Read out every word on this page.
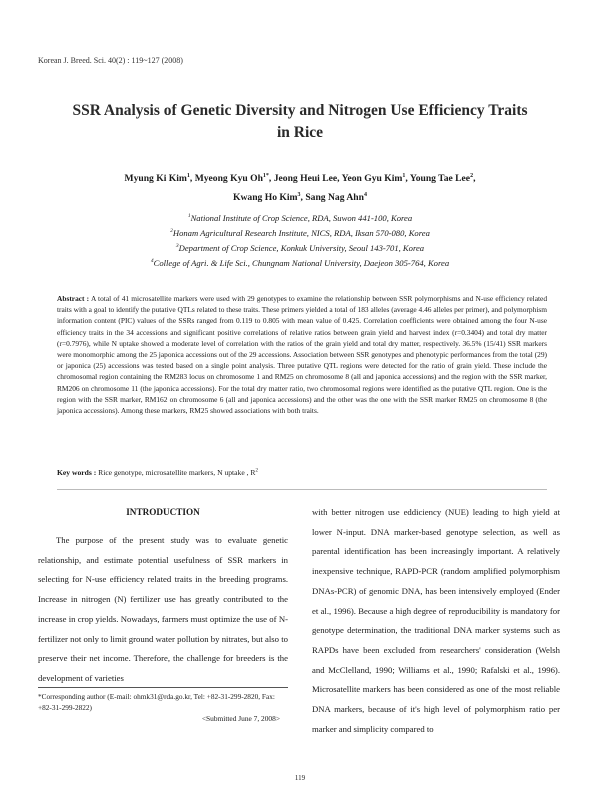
Korean J. Breed. Sci. 40(2) : 119~127 (2008)
SSR Analysis of Genetic Diversity and Nitrogen Use Efficiency Traits
in Rice
Myung Ki Kim$^1$, Myeong Kyu $Oh^{1*}$, Jeong Heui Lee, Yeon Gyu Kim$^1$, Young Tae Lee$^2$,
Kwang Ho Kim$^3$, Sang Nag Ahn$^4$
$^1$National Institute of Crop Science, RDA, Suwon 441-100, Korea
$^2$Honam Agricultural Research Institute, NICS, RDA, Iksan 570-080, Korea
$^3$Department of Crop Science, Konkuk University, Seoul 143-701, Korea
$^4$College of Agri. & Life Sci., Chungnam National University, Daejeon 305-764, Korea
Abstract : A total of 41 microsatellite markers were used with 29 genotypes to examine the relationship between SSR polymorphisms and N-use efficiency related traits with a goal to identify the putative QTLs related to these traits. These primers yielded a total of 183 alleles (average 4.46 alleles per primer), and polymorphism information content (PIC) values of the SSRs ranged from 0.119 to 0.805 with mean value of 0.425. Correlation coefficients were obtained among the four N-use efficiency traits in the 34 accessions and significant positive correlations of relative ratios between grain yield and harvest index (r=0.3404) and total dry matter (r=0.7976), while N uptake showed a moderate level of correlation with the ratios of the grain yield and total dry matter, respectively. 36.5% (15/41) SSR markers were monomorphic among the 25 japonica accessions out of the 29 accessions. Association between SSR genotypes and phenotypic performances from the total (29) or japonica (25) accessions was tested based on a single point analysis. Three putative QTL regions were detected for the ratio of grain yield. These include the chromosomal region containing the RM283 locus on chromosome 1 and RM25 on chromosome 8 (all and japonica accessions) and the region with the SSR marker, RM206 on chromosome 11 (the japonica accessions). For the total dry matter ratio, two chromosomal regions were identified as the putative QTL region. One is the region with the SSR marker, RM162 on chromosome 6 (all and japonica accessions) and the other was the one with the SSR marker RM25 on chromosome 8 (the japonica accessions). Among these markers, RM25 showed associations with both traits.
Key words : Rice genotype, microsatellite markers, N uptake , $R^2$
INTRODUCTION

The purpose of the present study was to evaluate genetic relationship, and estimate potential usefulness of SSR markers in selecting for N-use efficiency related traits in the breeding programs. Increase in nitrogen (N) fertilizer use has greatly contributed to the increase in crop yields. Nowadays, farmers must optimize the use of N-fertilizer not only to limit ground water pollution by nitrates, but also to preserve their net income. Therefore, the challenge for breeders is the development of varieties

with better nitrogen use eddiciency (NUE) leading to high yield at lower N-input. DNA marker-based genotype selection, as well as parental identification has been increasingly important. A relatively inexpensive technique, RAPD-PCR (random amplified polymorphism DNAs-PCR) of genomic DNA, has been intensively employed (Ender et al., 1996). Because a high degree of reproducibility is mandatory for genotype determination, the traditional DNA marker systems such as RAPDs have been excluded from researchers' consideration (Welsh and McClelland, 1990; Williams et al., 1990; Rafalski et al., 1996). Microsatellite markers has been considered as one of the most reliable DNA markers, because of it's high level of polymorphism ratio per marker and simplicity compared to

*Corresponding author (E-mail: ohmk31@rda.go.kr, Tel: +82-31-299-2820, Fax: +82-31-299-2822)
<Submitted June 7, 2008>
119
